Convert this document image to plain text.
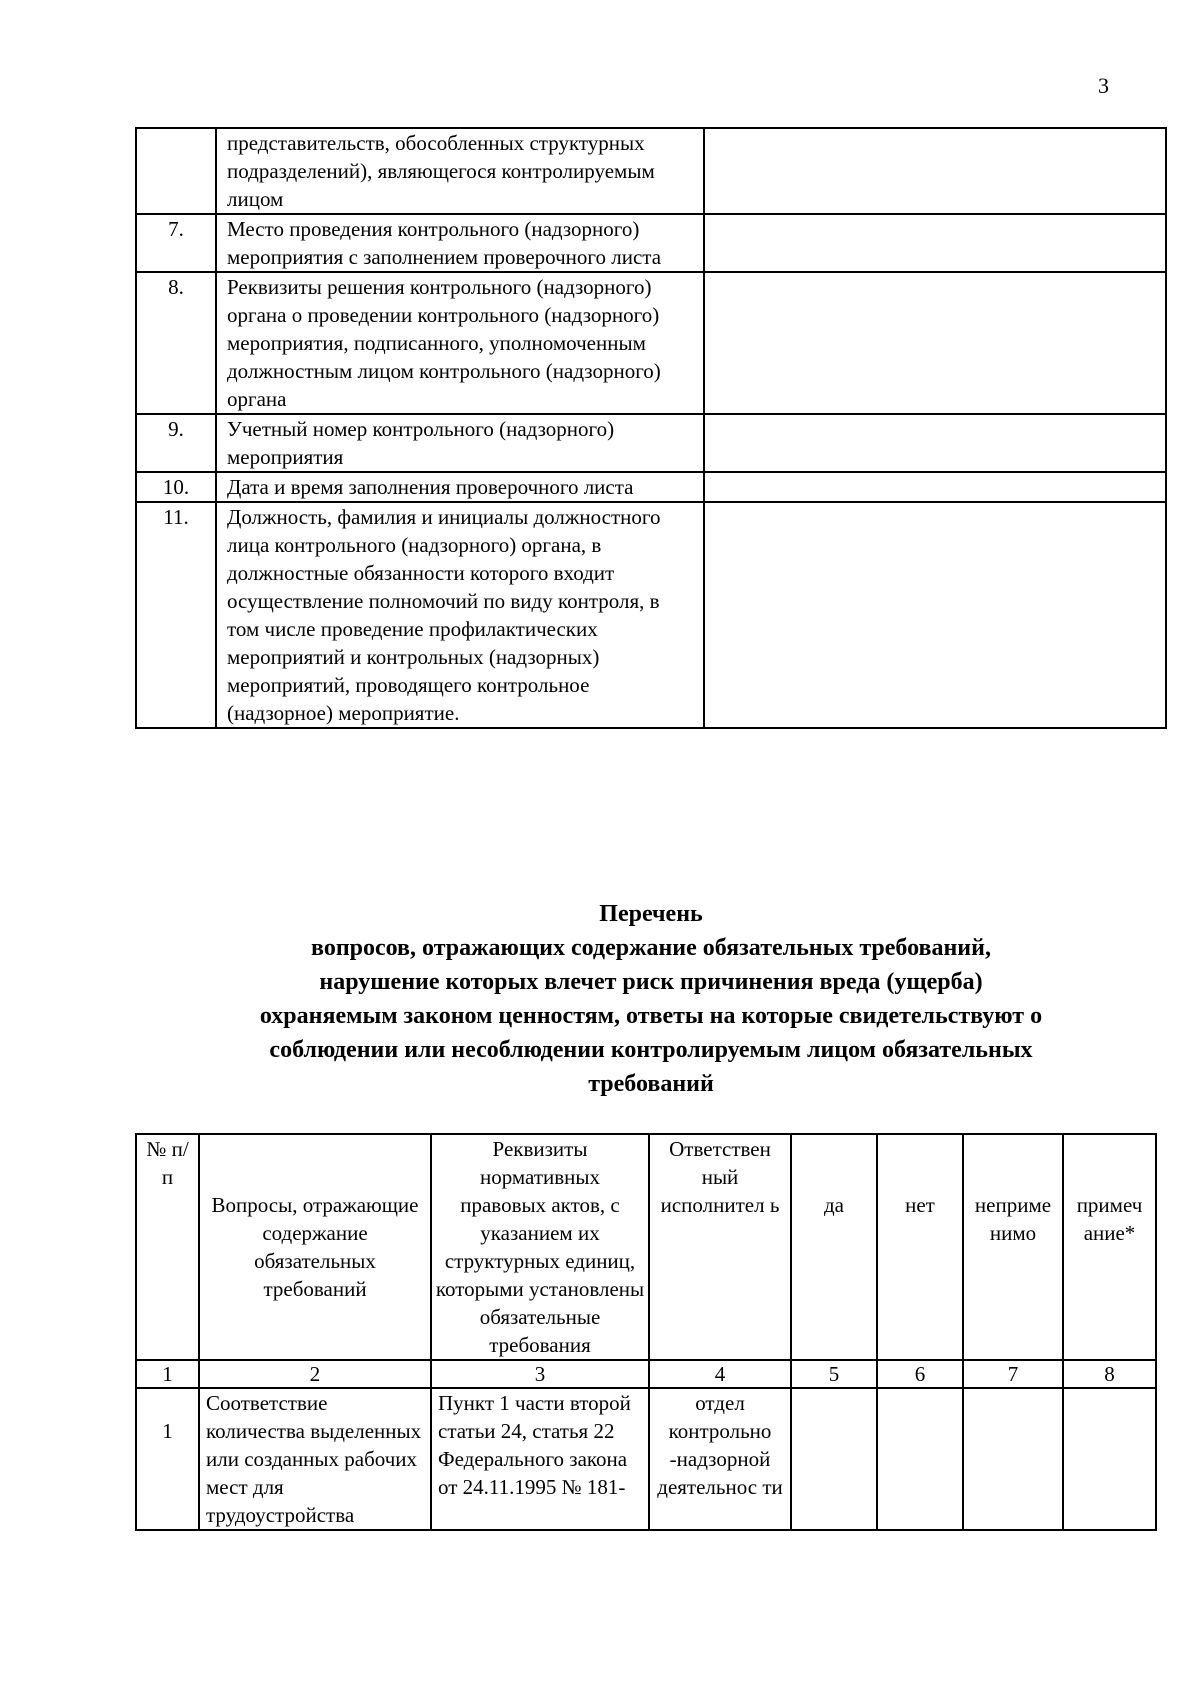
3
	представительств, обособленных структурных подразделений), являющегося контролируемым лицом	
7.	Место проведения контрольного (надзорного) мероприятия с заполнением проверочного листа	
8.	Реквизиты решения контрольного (надзорного) органа о проведении контрольного (надзорного) мероприятия, подписанного, уполномоченным должностным лицом контрольного (надзорного) органа	
9.	Учетный номер контрольного (надзорного) мероприятия	
10.	Дата и время заполнения проверочного листа	
11.	Должность, фамилия и инициалы должностного лица контрольного (надзорного) органа, в должностные обязанности которого входит осуществление полномочий по виду контроля, в том числе проведение профилактических мероприятий и контрольных (надзорных) мероприятий, проводящего контрольное (надзорное) мероприятие.	
Перечень
вопросов, отражающих содержание обязательных требований,
нарушение которых влечет риск причинения вреда (ущерба)
охраняемым законом ценностям, ответы на которые свидетельствуют о
соблюдении или несоблюдении контролируемым лицом обязательных
требований
№ п/ п	Вопросы, отражающие содержание обязательных требований	Реквизиты нормативных правовых актов, с указанием их структурных единиц, которыми установлены обязательные требования	Ответствен ный исполнител ь	да	нет	неприме нимо	примеч ание*

1	2	3	4	5	6	7	8

1	Соответствие количества выделенных или созданных рабочих мест для трудоустройства	Пункт 1 части второй статьи 24, статья 22 Федерального закона от 24.11.1995 № 181-	отдел контрольно -надзорной деятельнос ти				
